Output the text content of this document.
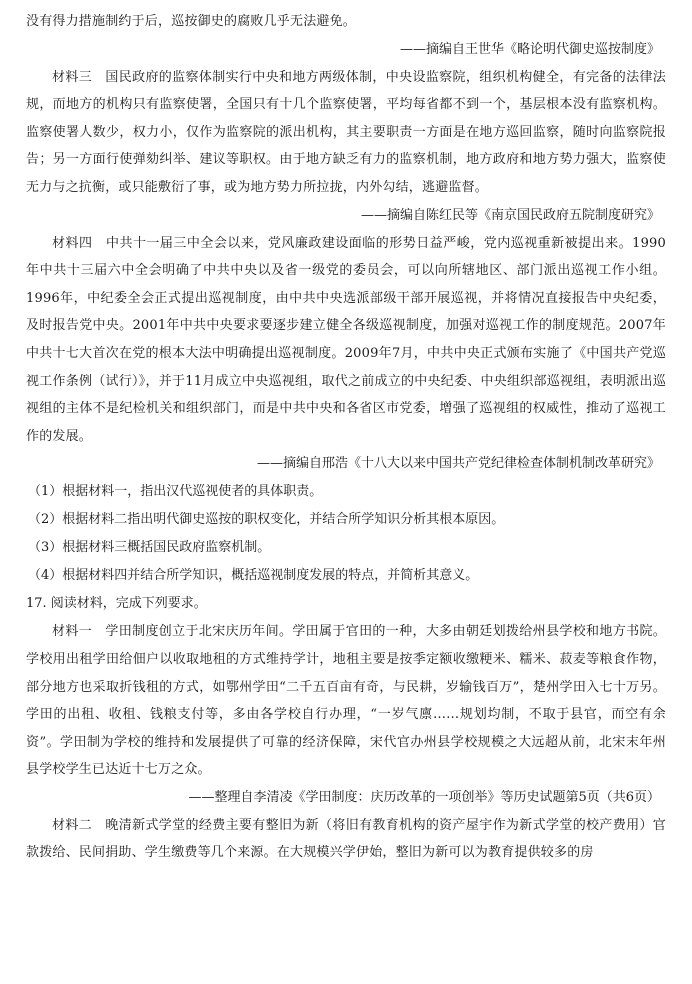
没有得力措施制约于后，巡按御史的腐败几乎无法避免。

——摘编自王世华《略论明代御史巡按制度》

材料三　国民政府的监察体制实行中央和地方两级体制，中央设监察院，组织机构健全，有完备的法律法规，而地方的机构只有监察使署，全国只有十几个监察使署，平均每省都不到一个，基层根本没有监察机构。监察使署人数少，权力小，仅作为监察院的派出机构，其主要职责一方面是在地方巡回监察，随时向监察院报告；另一方面行使弹劾纠举、建议等职权。由于地方缺乏有力的监察机制，地方政府和地方势力强大，监察使无力与之抗衡，或只能敷衍了事，或为地方势力所拉拢，内外勾结，逃避监督。

——摘编自陈红民等《南京国民政府五院制度研究》

材料四　中共十一届三中全会以来，党风廉政建设面临的形势日益严峻，党内巡视重新被提出来。1990年中共十三届六中全会明确了中共中央以及省一级党的委员会，可以向所辖地区、部门派出巡视工作小组。1996年，中纪委全会正式提出巡视制度，由中共中央选派部级干部开展巡视，并将情况直接报告中央纪委，及时报告党中央。2001年中共中央要求要逐步建立健全各级巡视制度，加强对巡视工作的制度规范。2007年中共十七大首次在党的根本大法中明确提出巡视制度。2009年7月，中共中央正式颁布实施了《中国共产党巡视工作条例（试行）》，并于11月成立中央巡视组，取代之前成立的中央纪委、中央组织部巡视组，表明派出巡视组的主体不是纪检机关和组织部门，而是中共中央和各省区市党委，增强了巡视组的权威性，推动了巡视工作的发展。

——摘编自邢浩《十八大以来中国共产党纪律检查体制机制改革研究》

（1）根据材料一，指出汉代巡视使者的具体职责。

（2）根据材料二指出明代御史巡按的职权变化，并结合所学知识分析其根本原因。

（3）根据材料三概括国民政府监察机制。

（4）根据材料四并结合所学知识，概括巡视制度发展的特点，并简析其意义。

17. 阅读材料，完成下列要求。

材料一　学田制度创立于北宋庆历年间。学田属于官田的一种，大多由朝廷划拨给州县学校和地方书院。学校用出租学田给佃户以收取地租的方式维持学计，地租主要是按季定额收缴粳米、糯米、菽麦等粮食作物，部分地方也采取折钱租的方式，如鄂州学田“二千五百亩有奇，与民耕，岁输钱百万”，楚州学田入七十万另。学田的出租、收租、钱粮支付等，多由各学校自行办理，“一岁气廪……规划均制，不取于县官，而空有余资”。学田制为学校的维持和发展提供了可靠的经济保障，宋代官办州县学校规模之大远超从前，北宋末年州县学校学生已达近十七万之众。

——整理自李清凌《学田制度：庆历改革的一项创举》等历史试题第5页（共6页）

材料二　晚清新式学堂的经费主要有整旧为新（将旧有教育机构的资产屋宇作为新式学堂的校产费用）官款拨给、民间捐助、学生缴费等几个来源。在大规模兴学伊始，整旧为新可以为教育提供较多的房
